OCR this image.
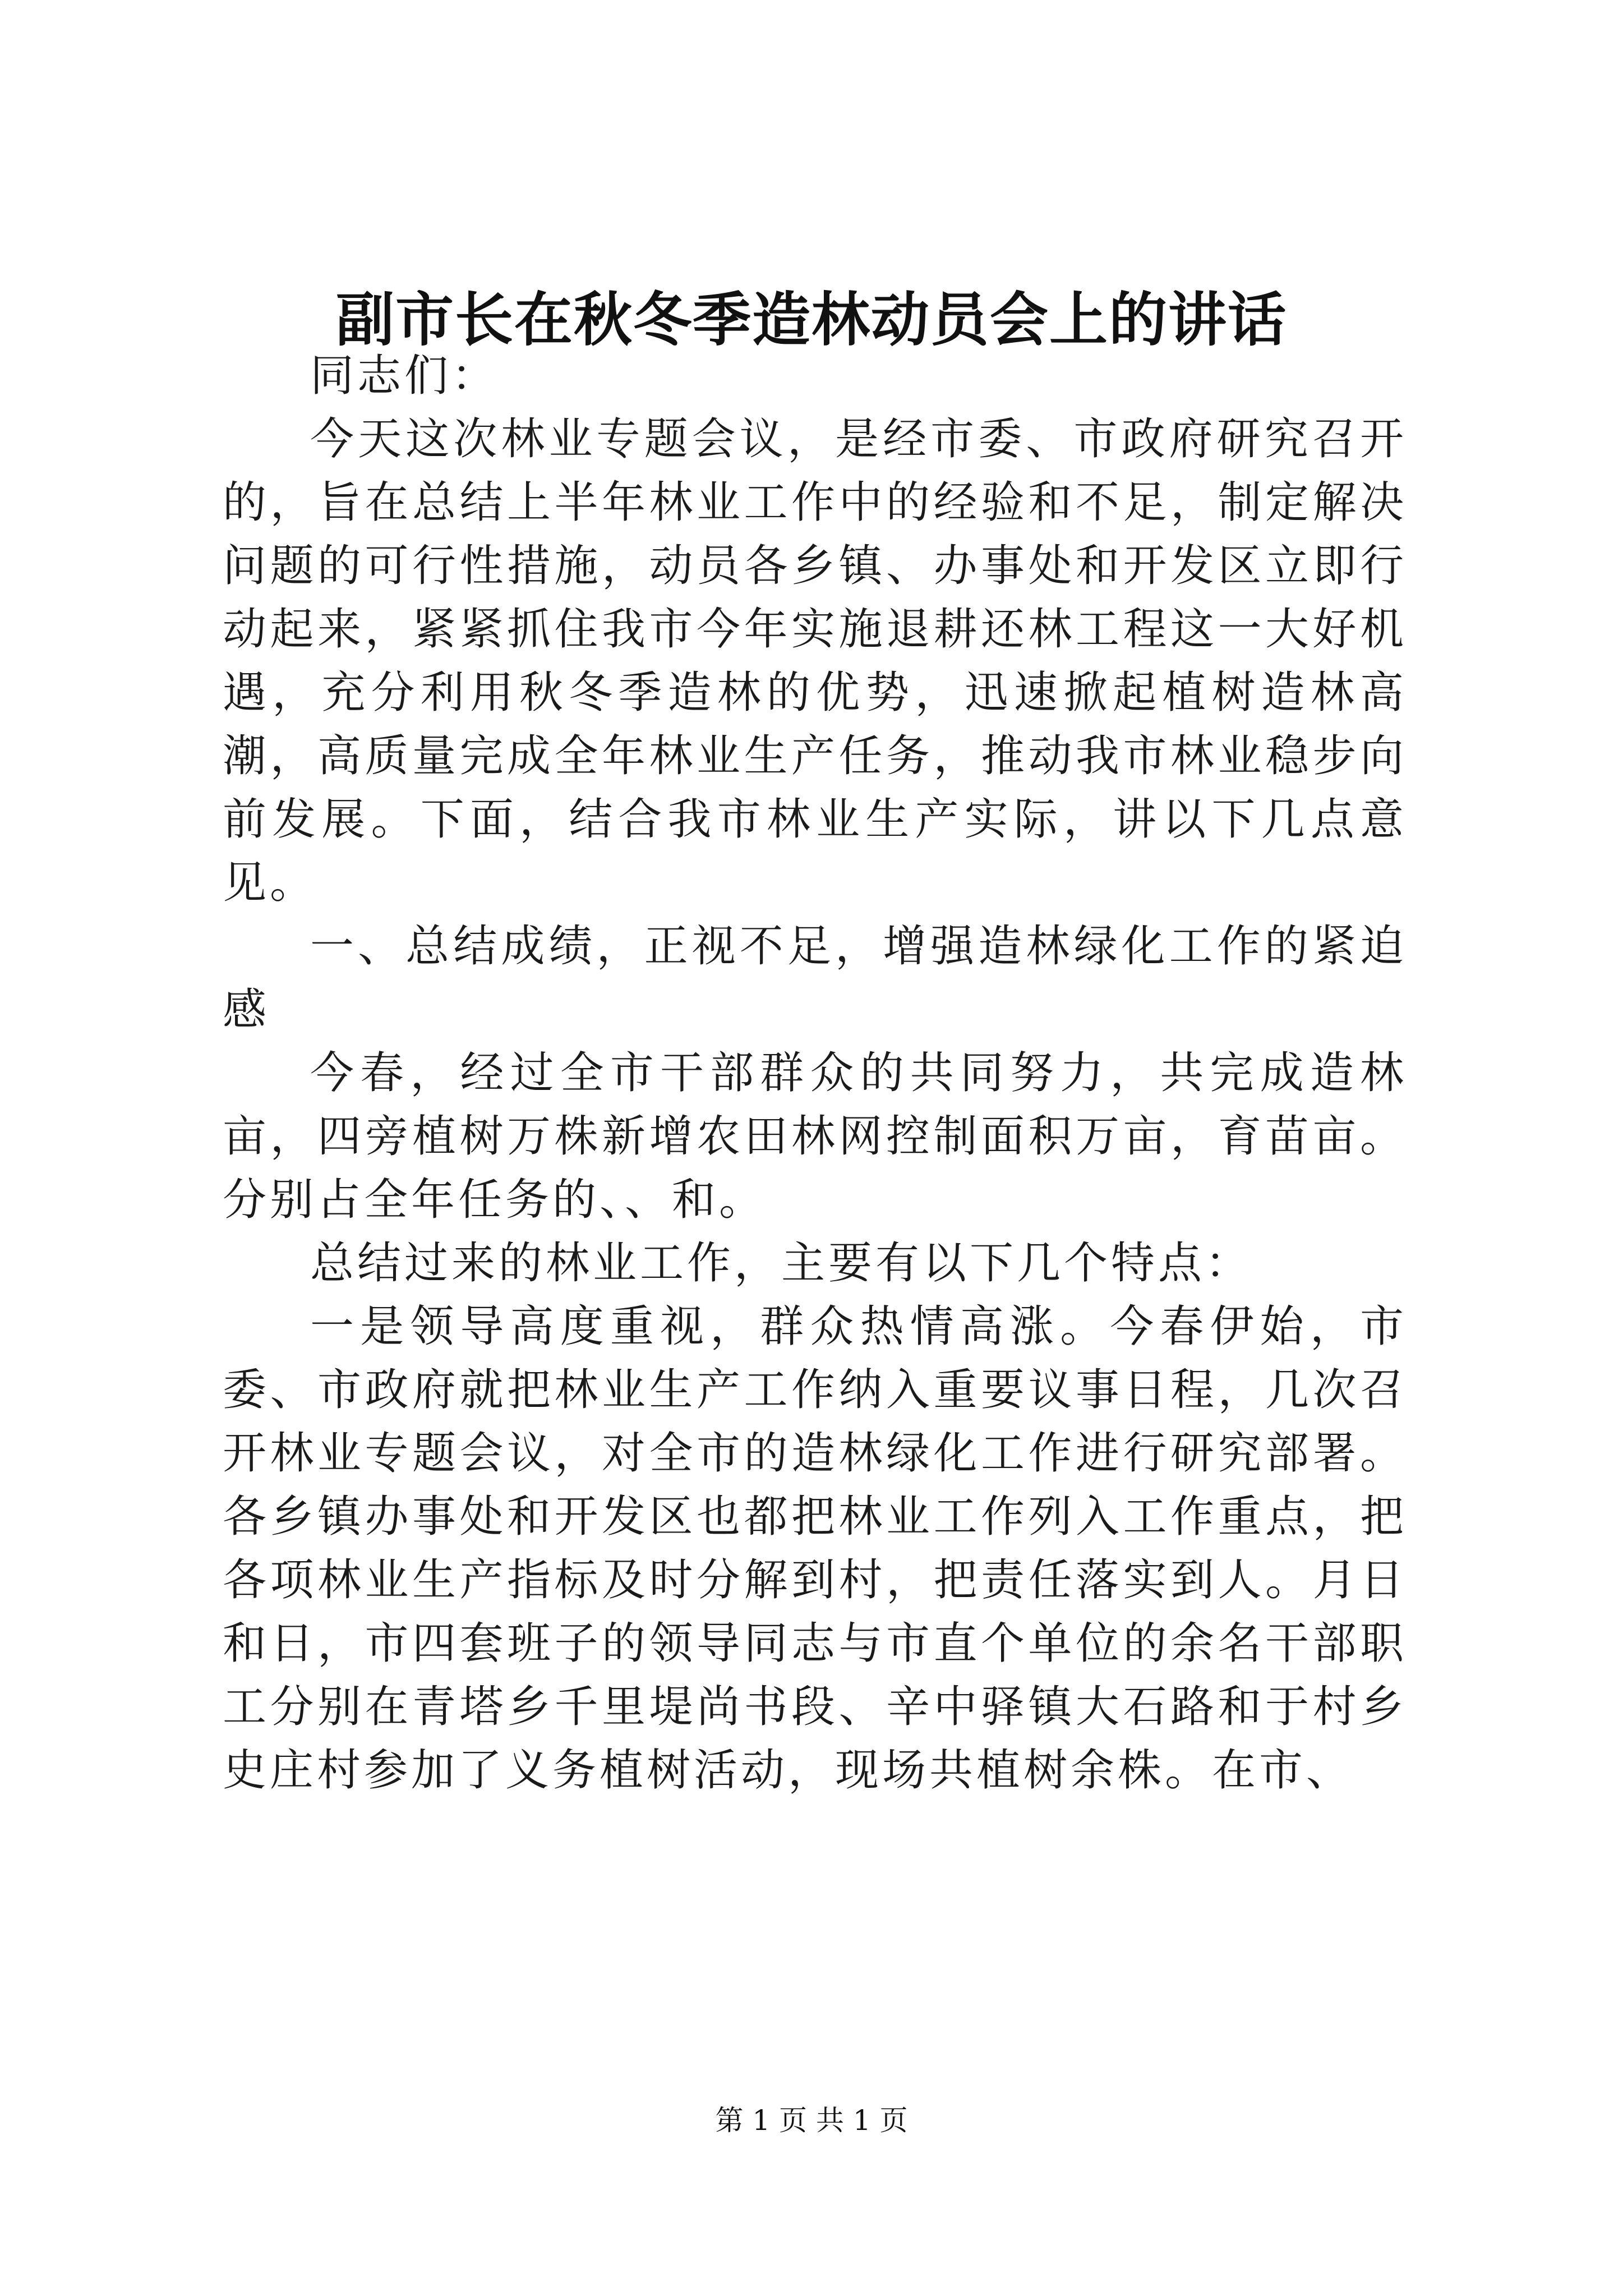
副市长在秋冬季造林动员会上的讲话

同志们：

今天这次林业专题会议，是经市委、市政府研究召开的，旨在总结上半年林业工作中的经验和不足，制定解决问题的可行性措施，动员各乡镇、办事处和开发区立即行动起来，紧紧抓住我市今年实施退耕还林工程这一大好机遇，充分利用秋冬季造林的优势，迅速掀起植树造林高潮，高质量完成全年林业生产任务，推动我市林业稳步向前发展。下面，结合我市林业生产实际，讲以下几点意见。

一、总结成绩，正视不足，增强造林绿化工作的紧迫感

今春，经过全市干部群众的共同努力，共完成造林亩，四旁植树万株新增农田林网控制面积万亩，育苗亩。分别占全年任务的、、和。

总结过来的林业工作，主要有以下几个特点：

一是领导高度重视，群众热情高涨。今春伊始，市委、市政府就把林业生产工作纳入重要议事日程，几次召开林业专题会议，对全市的造林绿化工作进行研究部署。各乡镇办事处和开发区也都把林业工作列入工作重点，把各项林业生产指标及时分解到村，把责任落实到人。月日和日，市四套班子的领导同志与市直个单位的余名干部职工分别在青塔乡千里堤尚书段、辛中驿镇大石路和于村乡史庄村参加了义务植树活动，现场共植树余株。在市、

第 1 页 共 1 页
